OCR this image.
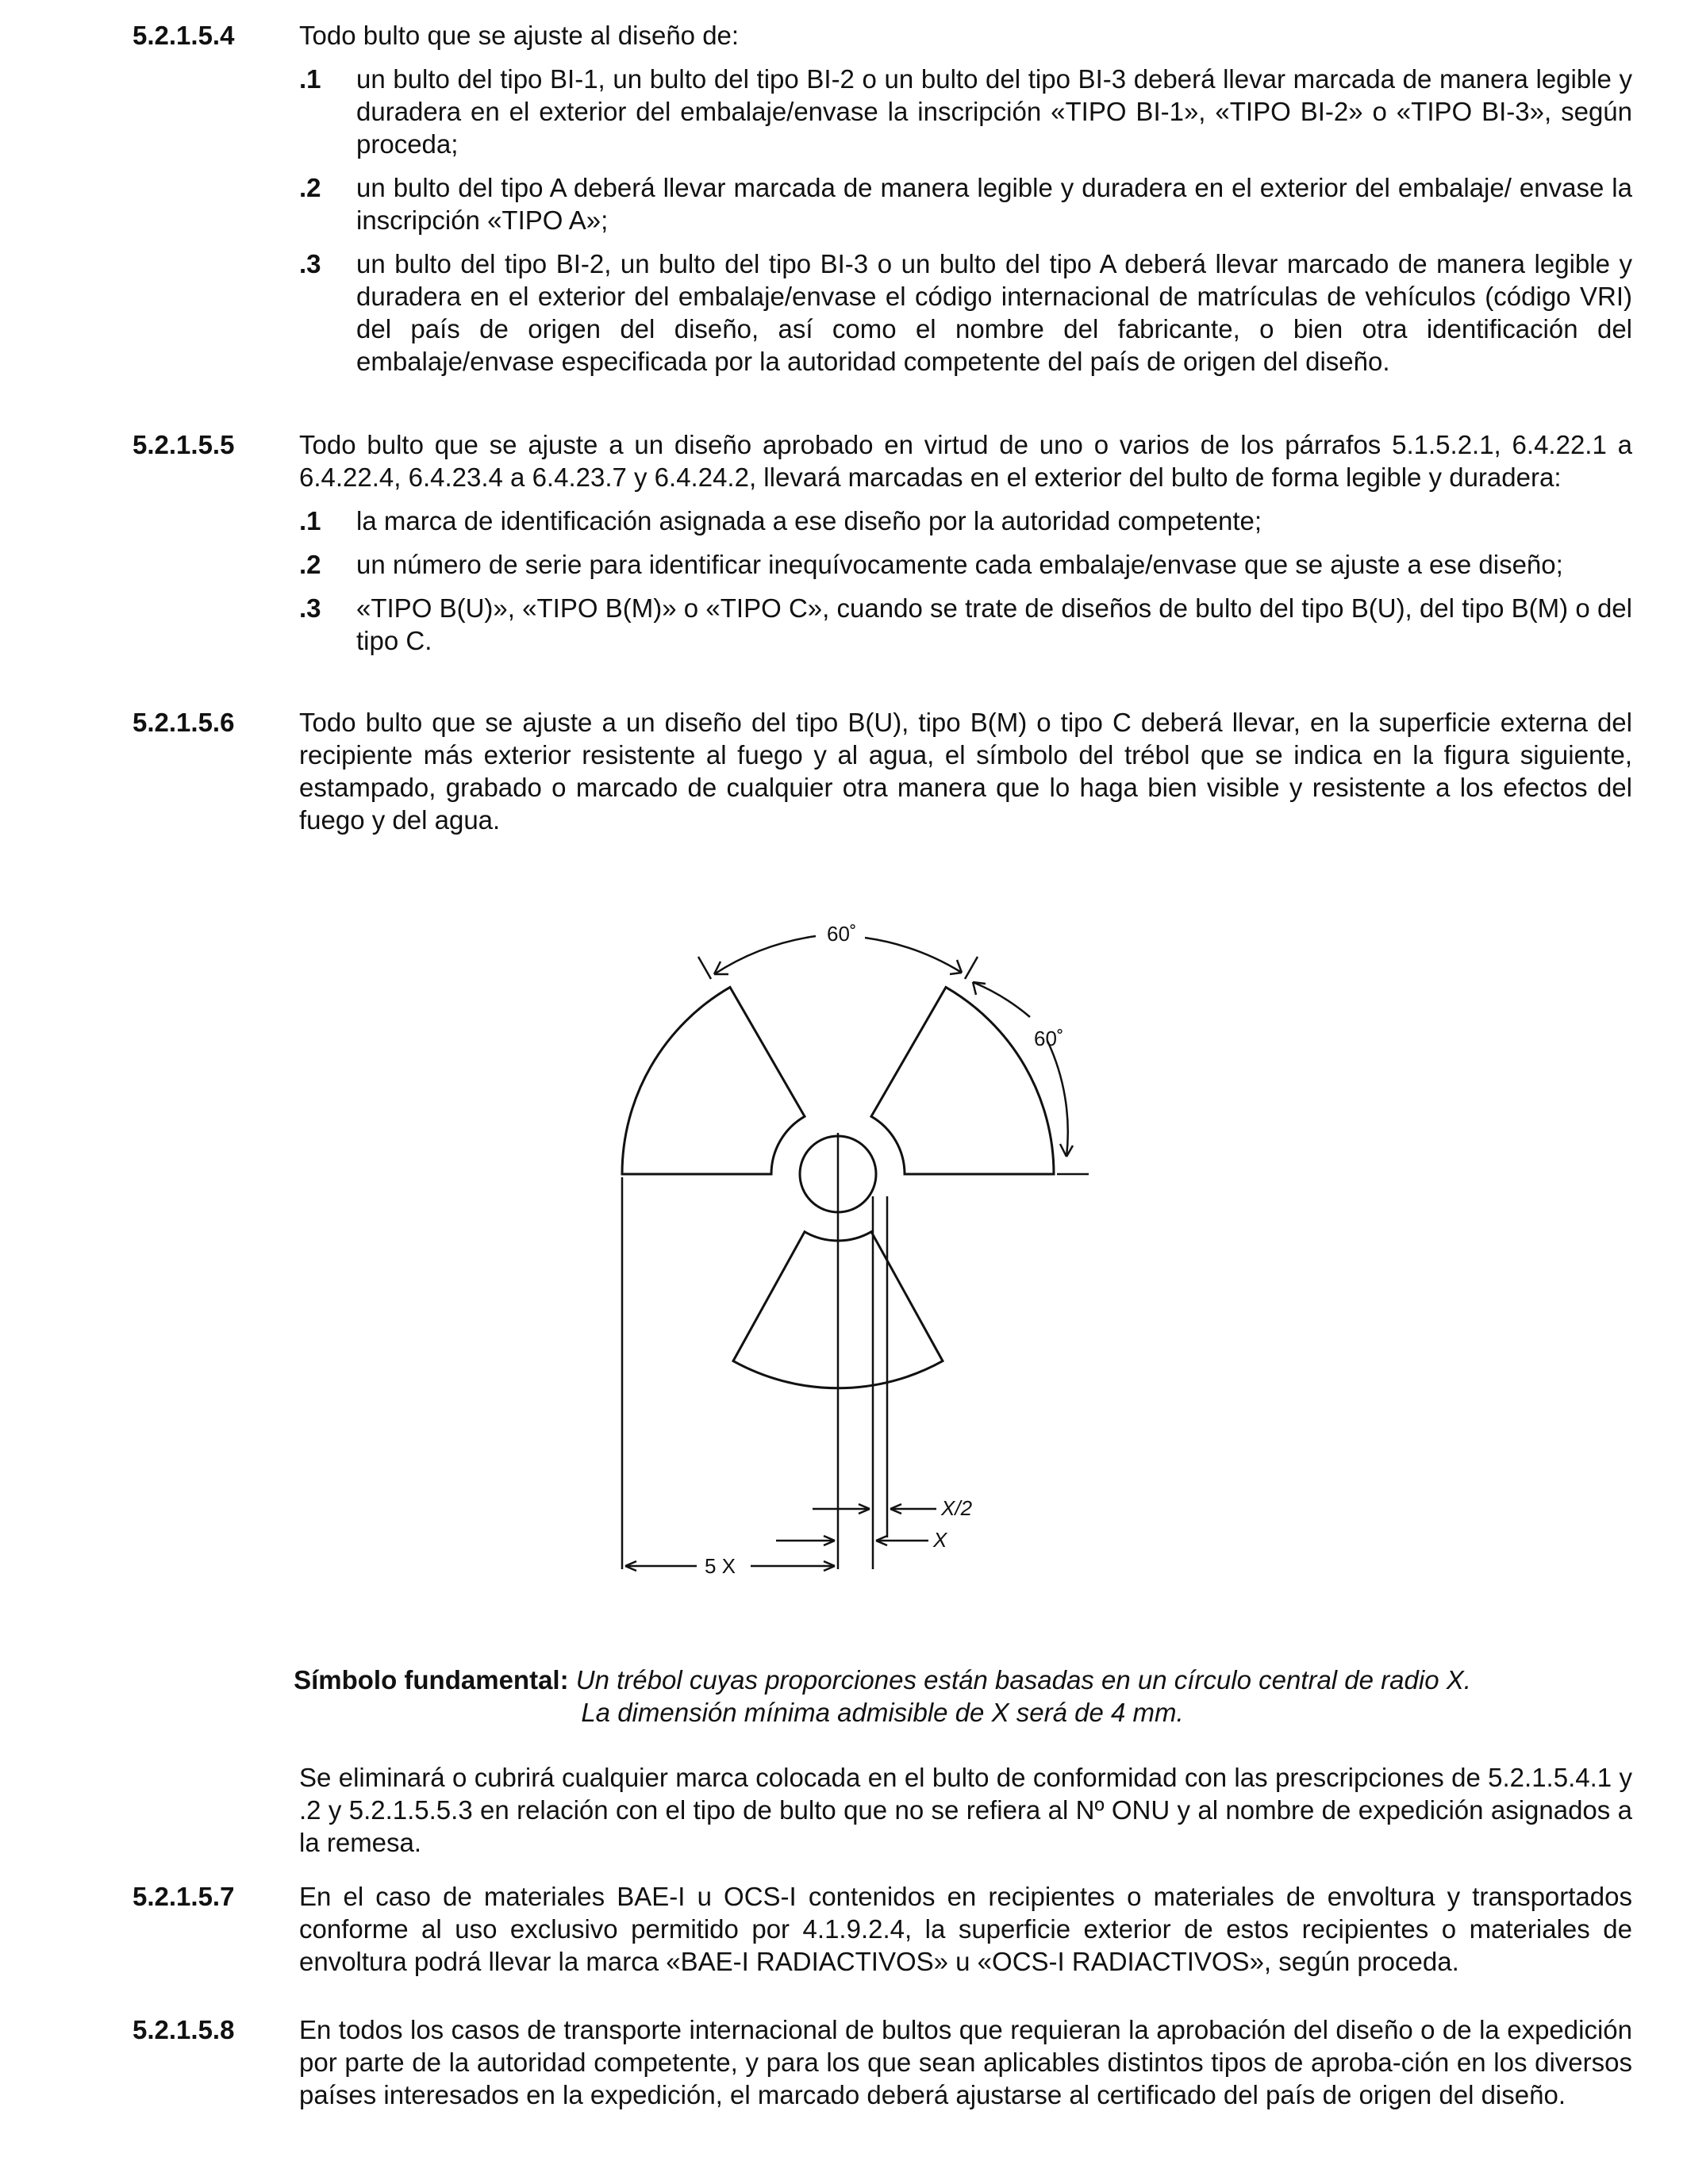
5.2.1.5.4 Todo bulto que se ajuste al diseño de:
.1 un bulto del tipo BI-1, un bulto del tipo BI-2 o un bulto del tipo BI-3 deberá llevar marcada de manera legible y duradera en el exterior del embalaje/envase la inscripción «TIPO BI-1», «TIPO BI-2» o «TIPO BI-3», según proceda;
.2 un bulto del tipo A deberá llevar marcada de manera legible y duradera en el exterior del embalaje/ envase la inscripción «TIPO A»;
.3 un bulto del tipo BI-2, un bulto del tipo BI-3 o un bulto del tipo A deberá llevar marcado de manera legible y duradera en el exterior del embalaje/envase el código internacional de matrículas de vehículos (código VRI) del país de origen del diseño, así como el nombre del fabricante, o bien otra identificación del embalaje/envase especificada por la autoridad competente del país de origen del diseño.
5.2.1.5.5 Todo bulto que se ajuste a un diseño aprobado en virtud de uno o varios de los párrafos 5.1.5.2.1, 6.4.22.1 a 6.4.22.4, 6.4.23.4 a 6.4.23.7 y 6.4.24.2, llevará marcadas en el exterior del bulto de forma legible y duradera:
.1 la marca de identificación asignada a ese diseño por la autoridad competente;
.2 un número de serie para identificar inequívocamente cada embalaje/envase que se ajuste a ese diseño;
.3 «TIPO B(U)», «TIPO B(M)» o «TIPO C», cuando se trate de diseños de bulto del tipo B(U), del tipo B(M) o del tipo C.
5.2.1.5.6 Todo bulto que se ajuste a un diseño del tipo B(U), tipo B(M) o tipo C deberá llevar, en la superficie externa del recipiente más exterior resistente al fuego y al agua, el símbolo del trébol que se indica en la figura siguiente, estampado, grabado o marcado de cualquier otra manera que lo haga bien visible y resistente a los efectos del fuego y del agua.
60˚
60˚
X/2
X
5 X
Símbolo fundamental: Un trébol cuyas proporciones están basadas en un círculo central de radio X.
La dimensión mínima admisible de X será de 4 mm.
Se eliminará o cubrirá cualquier marca colocada en el bulto de conformidad con las prescripciones de 5.2.1.5.4.1 y .2 y 5.2.1.5.5.3 en relación con el tipo de bulto que no se refiera al Nº ONU y al nombre de expedición asignados a la remesa.
5.2.1.5.7 En el caso de materiales BAE-I u OCS-I contenidos en recipientes o materiales de envoltura y transportados conforme al uso exclusivo permitido por 4.1.9.2.4, la superficie exterior de estos recipientes o materiales de envoltura podrá llevar la marca «BAE-I RADIACTIVOS» u «OCS-I RADIACTIVOS», según proceda.
5.2.1.5.8 En todos los casos de transporte internacional de bultos que requieran la aprobación del diseño o de la expedición por parte de la autoridad competente, y para los que sean aplicables distintos tipos de aproba-ción en los diversos países interesados en la expedición, el marcado deberá ajustarse al certificado del país de origen del diseño.
